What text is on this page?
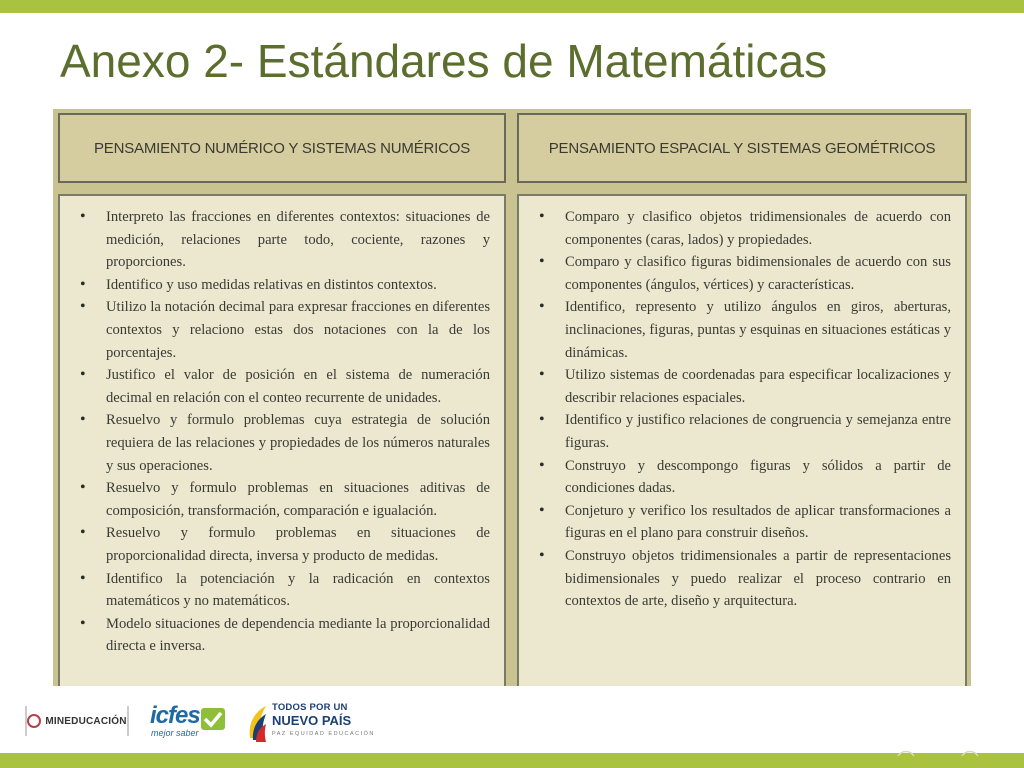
Anexo 2- Estándares de Matemáticas
PENSAMIENTO NUMÉRICO Y SISTEMAS NUMÉRICOS	PENSAMIENTO ESPACIAL Y SISTEMAS GEOMÉTRICOS
• Interpreto las fracciones en diferentes contextos: situaciones de medición, relaciones parte todo, cociente, razones y proporciones.
• Identifico y uso medidas relativas en distintos contextos.
• Utilizo la notación decimal para expresar fracciones en diferentes contextos y relaciono estas dos notaciones con la de los porcentajes.
• Justifico el valor de posición en el sistema de numeración decimal en relación con el conteo recurrente de unidades.
• Resuelvo y formulo problemas cuya estrategia de solución requiera de las relaciones y propiedades de los números naturales y sus operaciones.
• Resuelvo y formulo problemas en situaciones aditivas de composición, transformación, comparación e igualación.
• Resuelvo y formulo problemas en situaciones de proporcionalidad directa, inversa y producto de medidas.
• Identifico la potenciación y la radicación en contextos matemáticos y no matemáticos.
• Modelo situaciones de dependencia mediante la proporcionalidad directa e inversa.
• Comparo y clasifico objetos tridimensionales de acuerdo con componentes (caras, lados) y propiedades.
• Comparo y clasifico figuras bidimensionales de acuerdo con sus componentes (ángulos, vértices) y características.
• Identifico, represento y utilizo ángulos en giros, aberturas, inclinaciones, figuras, puntas y esquinas en situaciones estáticas y dinámicas.
• Utilizo sistemas de coordenadas para especificar localizaciones y describir relaciones espaciales.
• Identifico y justifico relaciones de congruencia y semejanza entre figuras.
• Construyo y descompongo figuras y sólidos a partir de condiciones dadas.
• Conjeturo y verifico los resultados de aplicar transformaciones a figuras en el plano para construir diseños.
• Construyo objetos tridimensionales a partir de representaciones bidimensionales y puedo realizar el proceso contrario en contextos de arte, diseño y arquitectura.
MINEDUCACIÓN icfes
mejor saber
TODOS POR UN
NUEVO PAÍS
PAZ EQUIDAD EDUCACIÓN
